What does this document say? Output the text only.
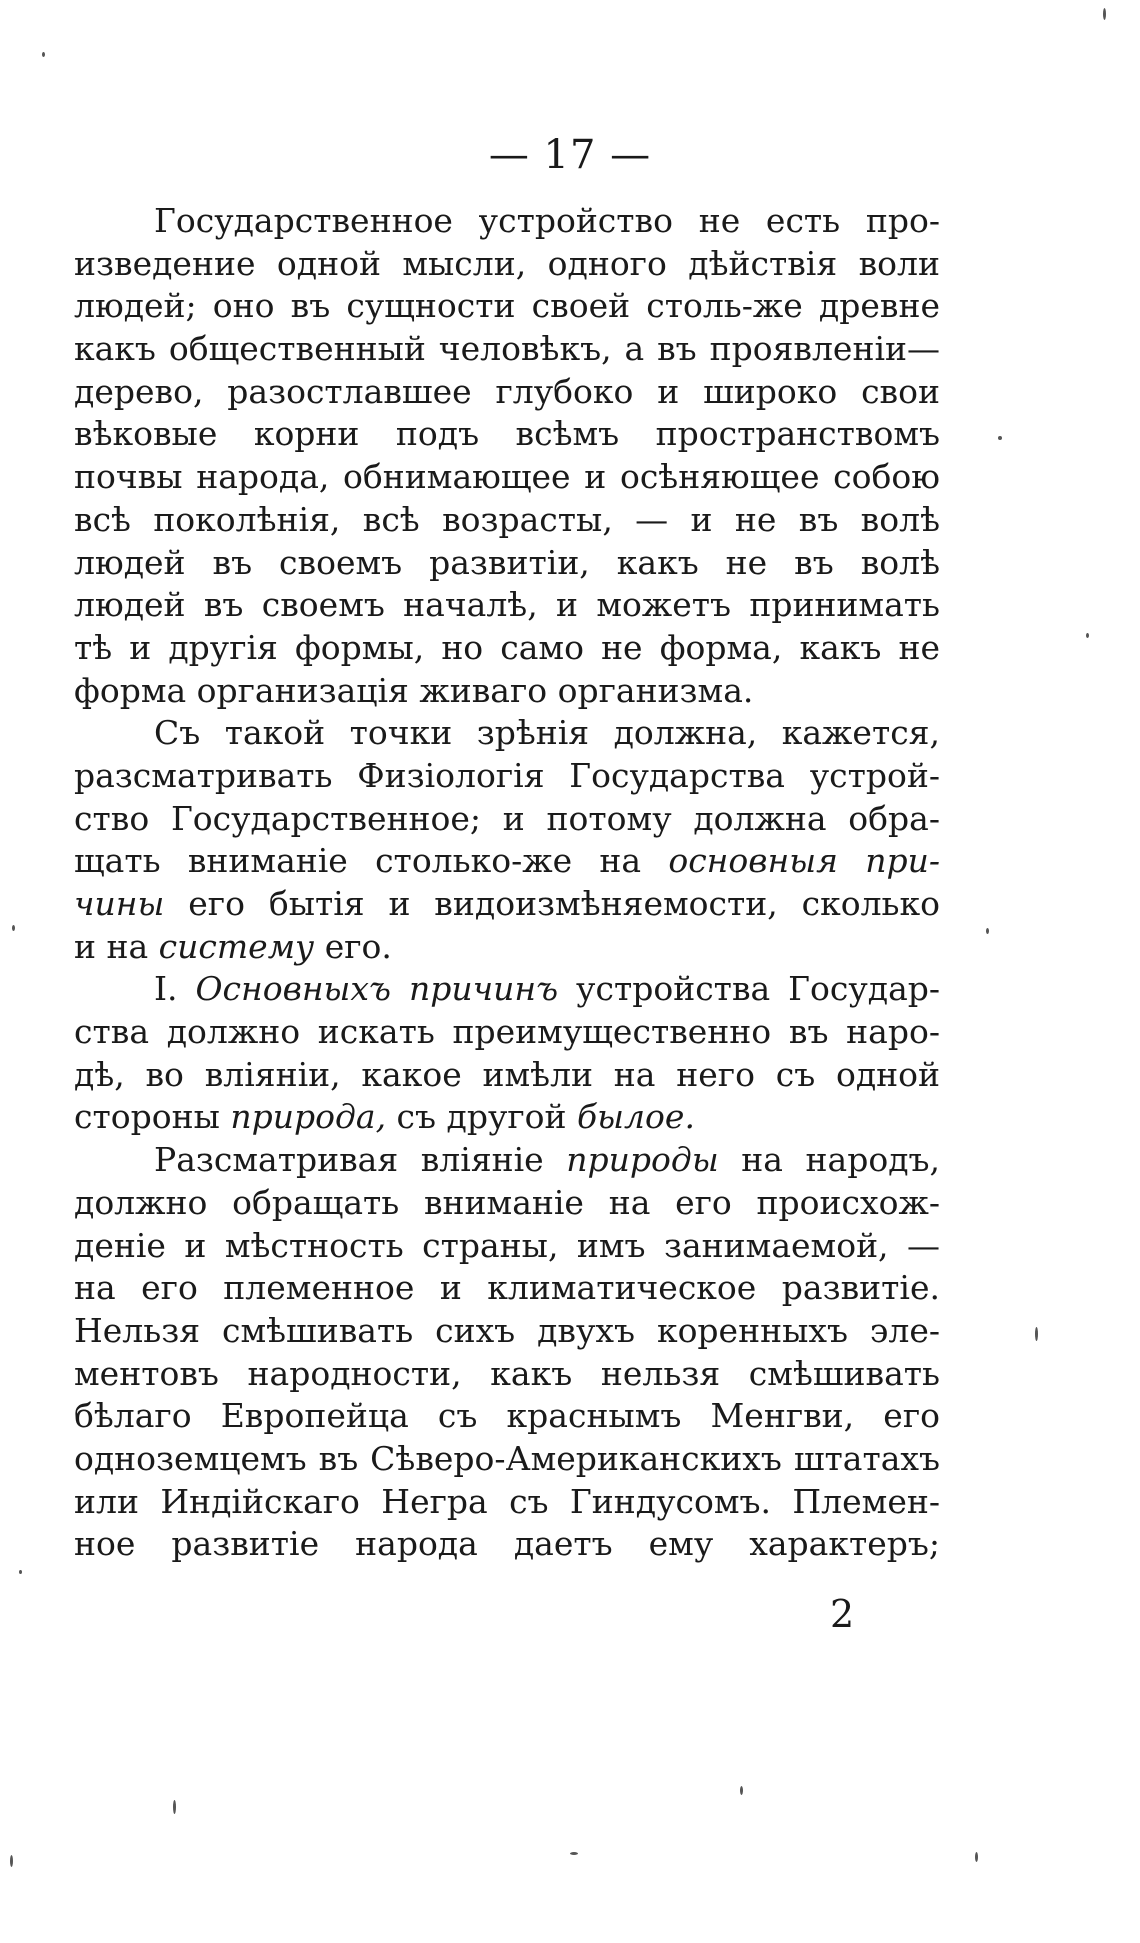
— 17 —
Государственное устройство не есть про-
изведение одной мысли, одного дѣйствія воли
людей; оно въ сущности своей столь-же древне
какъ общественный человѣкъ, а въ проявленіи—
дерево, разостлавшее глубоко и широко свои
вѣковые корни подъ всѣмъ пространствомъ
почвы народа, обнимающее и осѣняющее собою
всѣ поколѣнія, всѣ возрасты, — и не въ волѣ
людей въ своемъ развитіи, какъ не въ волѣ
людей въ своемъ началѣ, и можетъ принимать
тѣ и другія формы, но само не форма, какъ не
форма организація живаго организма.
Съ такой точки зрѣнія должна, кажется,
разсматривать Физіологія Государства устрой-
ство Государственное; и потому должна обра-
щать вниманіе столько-же на основныя при-
чины его бытія и видоизмѣняемости, сколько
и на систему его.
I. Основныхъ причинъ устройства Государ-
ства должно искать преимущественно въ наро-
дѣ, во вліяніи, какое имѣли на него съ одной
стороны природа, съ другой былое.
Разсматривая вліяніе природы на народъ,
должно обращать вниманіе на его происхож-
деніе и мѣстность страны, имъ занимаемой, —
на его племенное и климатическое развитіе.
Нельзя смѣшивать сихъ двухъ коренныхъ эле-
ментовъ народности, какъ нельзя смѣшивать
бѣлаго Европейца съ краснымъ Менгви, его
одноземцемъ въ Сѣверо-Американскихъ штатахъ
или Индійскаго Негра съ Гиндусомъ. Племен-
ное развитіе народа даетъ ему характеръ;
2
